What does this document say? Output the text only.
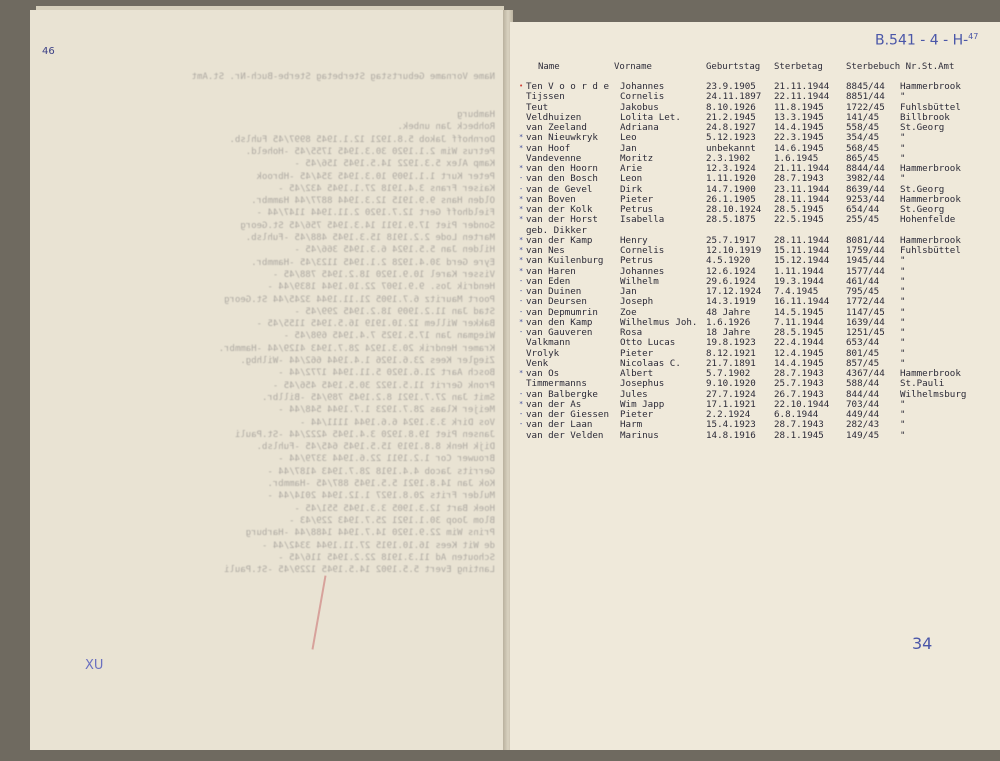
Name Vorname Geburtstag Sterbetag Sterbe-Buch-Nr. St.Amt
Hamburg
Rohbeck Jan unbek.
Dornhoff Jakob 5.8.1921 12.1.1945 8997/45 Fuhlsb.
Petrus Wim 2.1.1920 30.3.1945 1755/45 -Hoheld.
Kamp Alex 5.3.1922 14.5.1945 156/45 -
Peter Kurt 1.1.1909 10.3.1945 354/45 -Hbrook
Kaiser Frans 3.4.1918 27.1.1945 432/45 -
Olden Hans 9.9.1915 12.3.1944 8877/44 Hammbr.
Fieldhoff Gert 12.7.1920 2.11.1944 1147/44 -
Sonder Piet 17.9.1911 14.3.1945 756/45 St.Georg
Marten Lode 2.2.1918 15.3.1945 488/45 -Fuhlsb.
Hilden Jan 5.5.1924 6.3.1945 366/45 -
Eyre Gerd 30.4.1928 2.1.1945 1123/45 -Hammbr.
Visser Karel 10.9.1920 18.2.1945 788/45 -
Hendrik Jos. 9.9.1907 22.10.1944 1839/44 -
Poort Mauritz 6.7.1905 21.11.1944 3245/44 St.Georg
Stad Jan 11.2.1909 18.2.1945 299/45 -
Bakker Willem 12.10.1919 16.5.1945 1155/45 -
Wiegman Jan 17.5.1925 7.4.1945 698/45 -
Kramer Hendrik 20.3.1924 28.7.1943 4129/44 -Hammbr.
Ziegler Kees 23.6.1926 1.4.1944 662/44 -Wilhbg.
Bosch Aart 21.6.1920 5.11.1944 1772/44 -
Pronk Gerrit 11.5.1922 30.5.1945 456/45 -
Smit Jan 27.7.1921 8.2.1945 789/45 -Billbr.
Meijer Klaas 28.7.1923 1.7.1944 548/44 -
Vos Dirk 3.3.1924 6.6.1944 1111/44 -
Jansen Piet 19.8.1920 3.4.1945 4222/44 -St.Pauli
Dijk Henk 8.8.1919 15.5.1945 645/45 -Fuhlsb.
Brouwer Cor 1.2.1911 22.6.1944 3379/44 -
Gerrits Jacob 4.4.1918 28.7.1943 4187/44 -
Kok Jan 14.8.1921 5.5.1945 887/45 -Hammbr.
Mulder Frits 20.8.1927 1.12.1944 2014/44 -
Hoek Bart 12.3.1905 3.3.1945 551/45 -
Blom Joop 30.1.1921 25.7.1943 229/43 -
Prins Wim 22.9.1920 14.7.1944 1488/44 -Harburg
de Wit Kees 16.10.1915 27.11.1944 3342/44 -
Schouten Ad 11.3.1918 22.2.1945 116/45 -
Lanting Evert 5.5.1902 14.5.1945 1229/45 -St.Pauli
46
XU
B.541 - 4 - H-$^{47}$
Name	Vorname	Geburtstag Sterbetag	Sterbebuch Nr.St.Amt
• Ten V o o r d e Johannes	23.9.1905 21.11.1944 8845/44 Hammerbrook
Tijssen	Cornelis	24.11.1897 22.11.1944 8851/44 "
Teut	Jakobus	8.10.1926 11.8.1945 1722/45 Fuhlsbüttel
Veldhuizen	Lolita Let.	21.2.1945 13.3.1945 141/45 Billbrook
van Zeeland	Adriana	24.8.1927 14.4.1945 558/45 St.Georg
* van Nieuwkryk Leo	5.12.1923 22.3.1945 354/45 "
* van Hoof	Jan	unbekannt 14.6.1945 568/45 "
Vandevenne	Moritz	2.3.1902	1.6.1945	865/45 "
* van den Hoorn Arie	12.3.1924 21.11.1944 8844/44 Hammerbrook
- van den Bosch Leon	1.11.1920 28.7.1943 3982/44 "
- van de Gevel	Dirk	14.7.1900 23.11.1944 8639/44 St.Georg
* van Boven	Pieter	26.1.1905 28.11.1944 9253/44 Hammerbrook
* van der Kolk	Petrus	28.10.1924 28.5.1945 654/44 St.Georg
* van der Horst Isabella	28.5.1875 22.5.1945 255/45 Hohenfelde
geb. Dikker
* van der Kamp	Henry	25.7.1917 28.11.1944 8081/44 Hammerbrook
* van Nes	Cornelis	12.10.1919 15.11.1944 1759/44 Fuhlsbüttel
* van Kuilenburg Petrus	4.5.1920	15.12.1944 1945/44 "
* van Haren	Johannes	12.6.1924 1.11.1944 1577/44 "
- van Eden	Wilhelm	29.6.1924 19.3.1944 461/44 "
- van Duinen	Jan	17.12.1924 7.4.1945	795/45 "
- van Deursen	Joseph	14.3.1919 16.11.1944 1772/44 "
- van Depmumrin Zoe	48 Jahre	14.5.1945 1147/45 "
* van den Kamp	Wilhelmus Joh. 1.6.1926	7.11.1944 1639/44 "
- van Gauveren	Rosa	18 Jahre	28.5.1945 1251/45 "
Valkmann	Otto Lucas	19.8.1923 22.4.1944 653/44 "
Vrolyk	Pieter	8.12.1921 12.4.1945 801/45 "
Venk	Nicolaas C.	21.7.1891 14.4.1945 857/45 "
* van Os	Albert	5.7.1902	28.7.1943 4367/44 Hammerbrook
Timmermanns	Josephus	9.10.1920 25.7.1943 588/44 St.Pauli
- van Balbergke Jules	27.7.1924 26.7.1943 844/44 Wilhelmsburg
* van der As	Wim Japp	17.1.1921 22.10.1944 703/44 "
- van der Giessen Pieter	2.2.1924	6.8.1944	449/44 "
- van der Laan	Harm	15.4.1923 28.7.1943 282/43 "
van der Velden Marinus	14.8.1916 28.1.1945 149/45 "
34
